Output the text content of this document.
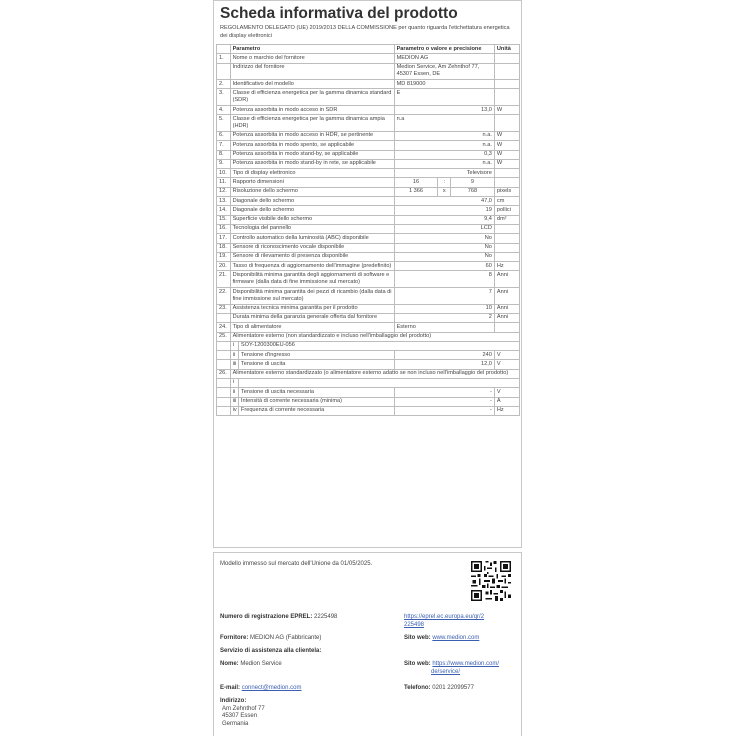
Scheda informativa del prodotto
REGOLAMENTO DELEGATO (UE) 2019/2013 DELLA COMMISSIONE per quanto riguarda l'etichettatura energetica dei display elettronici
	Parametro		Parametro o valore e precisione			Unità
1.	Nome o marchio del fornitore		MEDION AG			
	Indirizzo del fornitore		Medion Service, Am Zehnthof 77, 45307 Essen, DE			
2.	Identificativo del modello		MD 819000			
3.	Classe di efficienza energetica per la gamma dinamica standard (SDR)		E			
4.	Potenza assorbita in modo acceso in SDR		13,0			W
5.	Classe di efficienza energetica per la gamma dinamica ampia (HDR)		n.a			
6.	Potenza assorbita in modo acceso in HDR, se pertinente		n.a.			W
7.	Potenza assorbita in modo spento, se applicabile		n.a.			W
8.	Potenza assorbita in modo stand-by, se applicabile		0,3			W
9.	Potenza assorbita in modo stand-by in rete, se applicabile		n.a.			W
10.	Tipo di display elettronico		Televisore			
11.	Rapporto dimensioni		16	:	9	
12.	Risoluzione dello schermo		1 366	x	768	pixels
13.	Diagonale dello schermo		47,0			cm
14.	Diagonale dello schermo		19			pollici
15.	Superficie visibile dello schermo		9,4			dm²
16.	Tecnologia del pannello		LCD			
17.	Controllo automatico della luminosità (ABC) disponibile		No			
18.	Sensore di riconoscimento vocale disponibile		No			
19.	Sensore di rilevamento di presenza disponibile		No			
20.	Tasso di frequenza di aggiornamento dell'immagine (predefinito)		60			Hz
21.	Disponibilità minima garantita degli aggiornamenti di software e firmware (dalla data di fine immissione sul mercato)		8			Anni
22.	Disponibilità minima garantita dei pezzi di ricambio (dalla data di fine immissione sul mercato)		7			Anni
23.	Assistenza tecnica minima garantita per il prodotto		10			Anni
	Durata minima della garanzia generale offerta dal fornitore		2			Anni
24.	Tipo di alimentatore		Esterno			
25.	Alimentatore esterno (non standardizzato e incluso nell'imballaggio del prodotto)					
	i	SOY-1200300EU-056				
	ii	Tensione d'ingresso	240			V
	iii	Tensione di uscita	12,0			V
26.	Alimentatore esterno standardizzato (o alimentatore esterno adatto se non incluso nell'imballaggio del prodotto)					
	i					
	ii	Tensione di uscita necessaria	-			V
	iii	Intensità di corrente necessaria (minima)	-			A
	iv	Frequenza di corrente necessaria	-			Hz
Modello immesso sul mercato dell'Unione da 01/05/2025.
Numero di registrazione EPREL: 2225498	https://eprel.ec.europa.eu/qr/2
225498
Fornitore: MEDION AG (Fabbricante)	Sito web: www.medion.com
Servizio di assistenza alla clientela:
Nome: Medion Service	Sito web: https://www.medion.com/
de/service/
E-mail: connect@medion.com	Telefono: 0201 22099577
Indirizzo:
Am Zehnthof 77
45307 Essen
Germania
